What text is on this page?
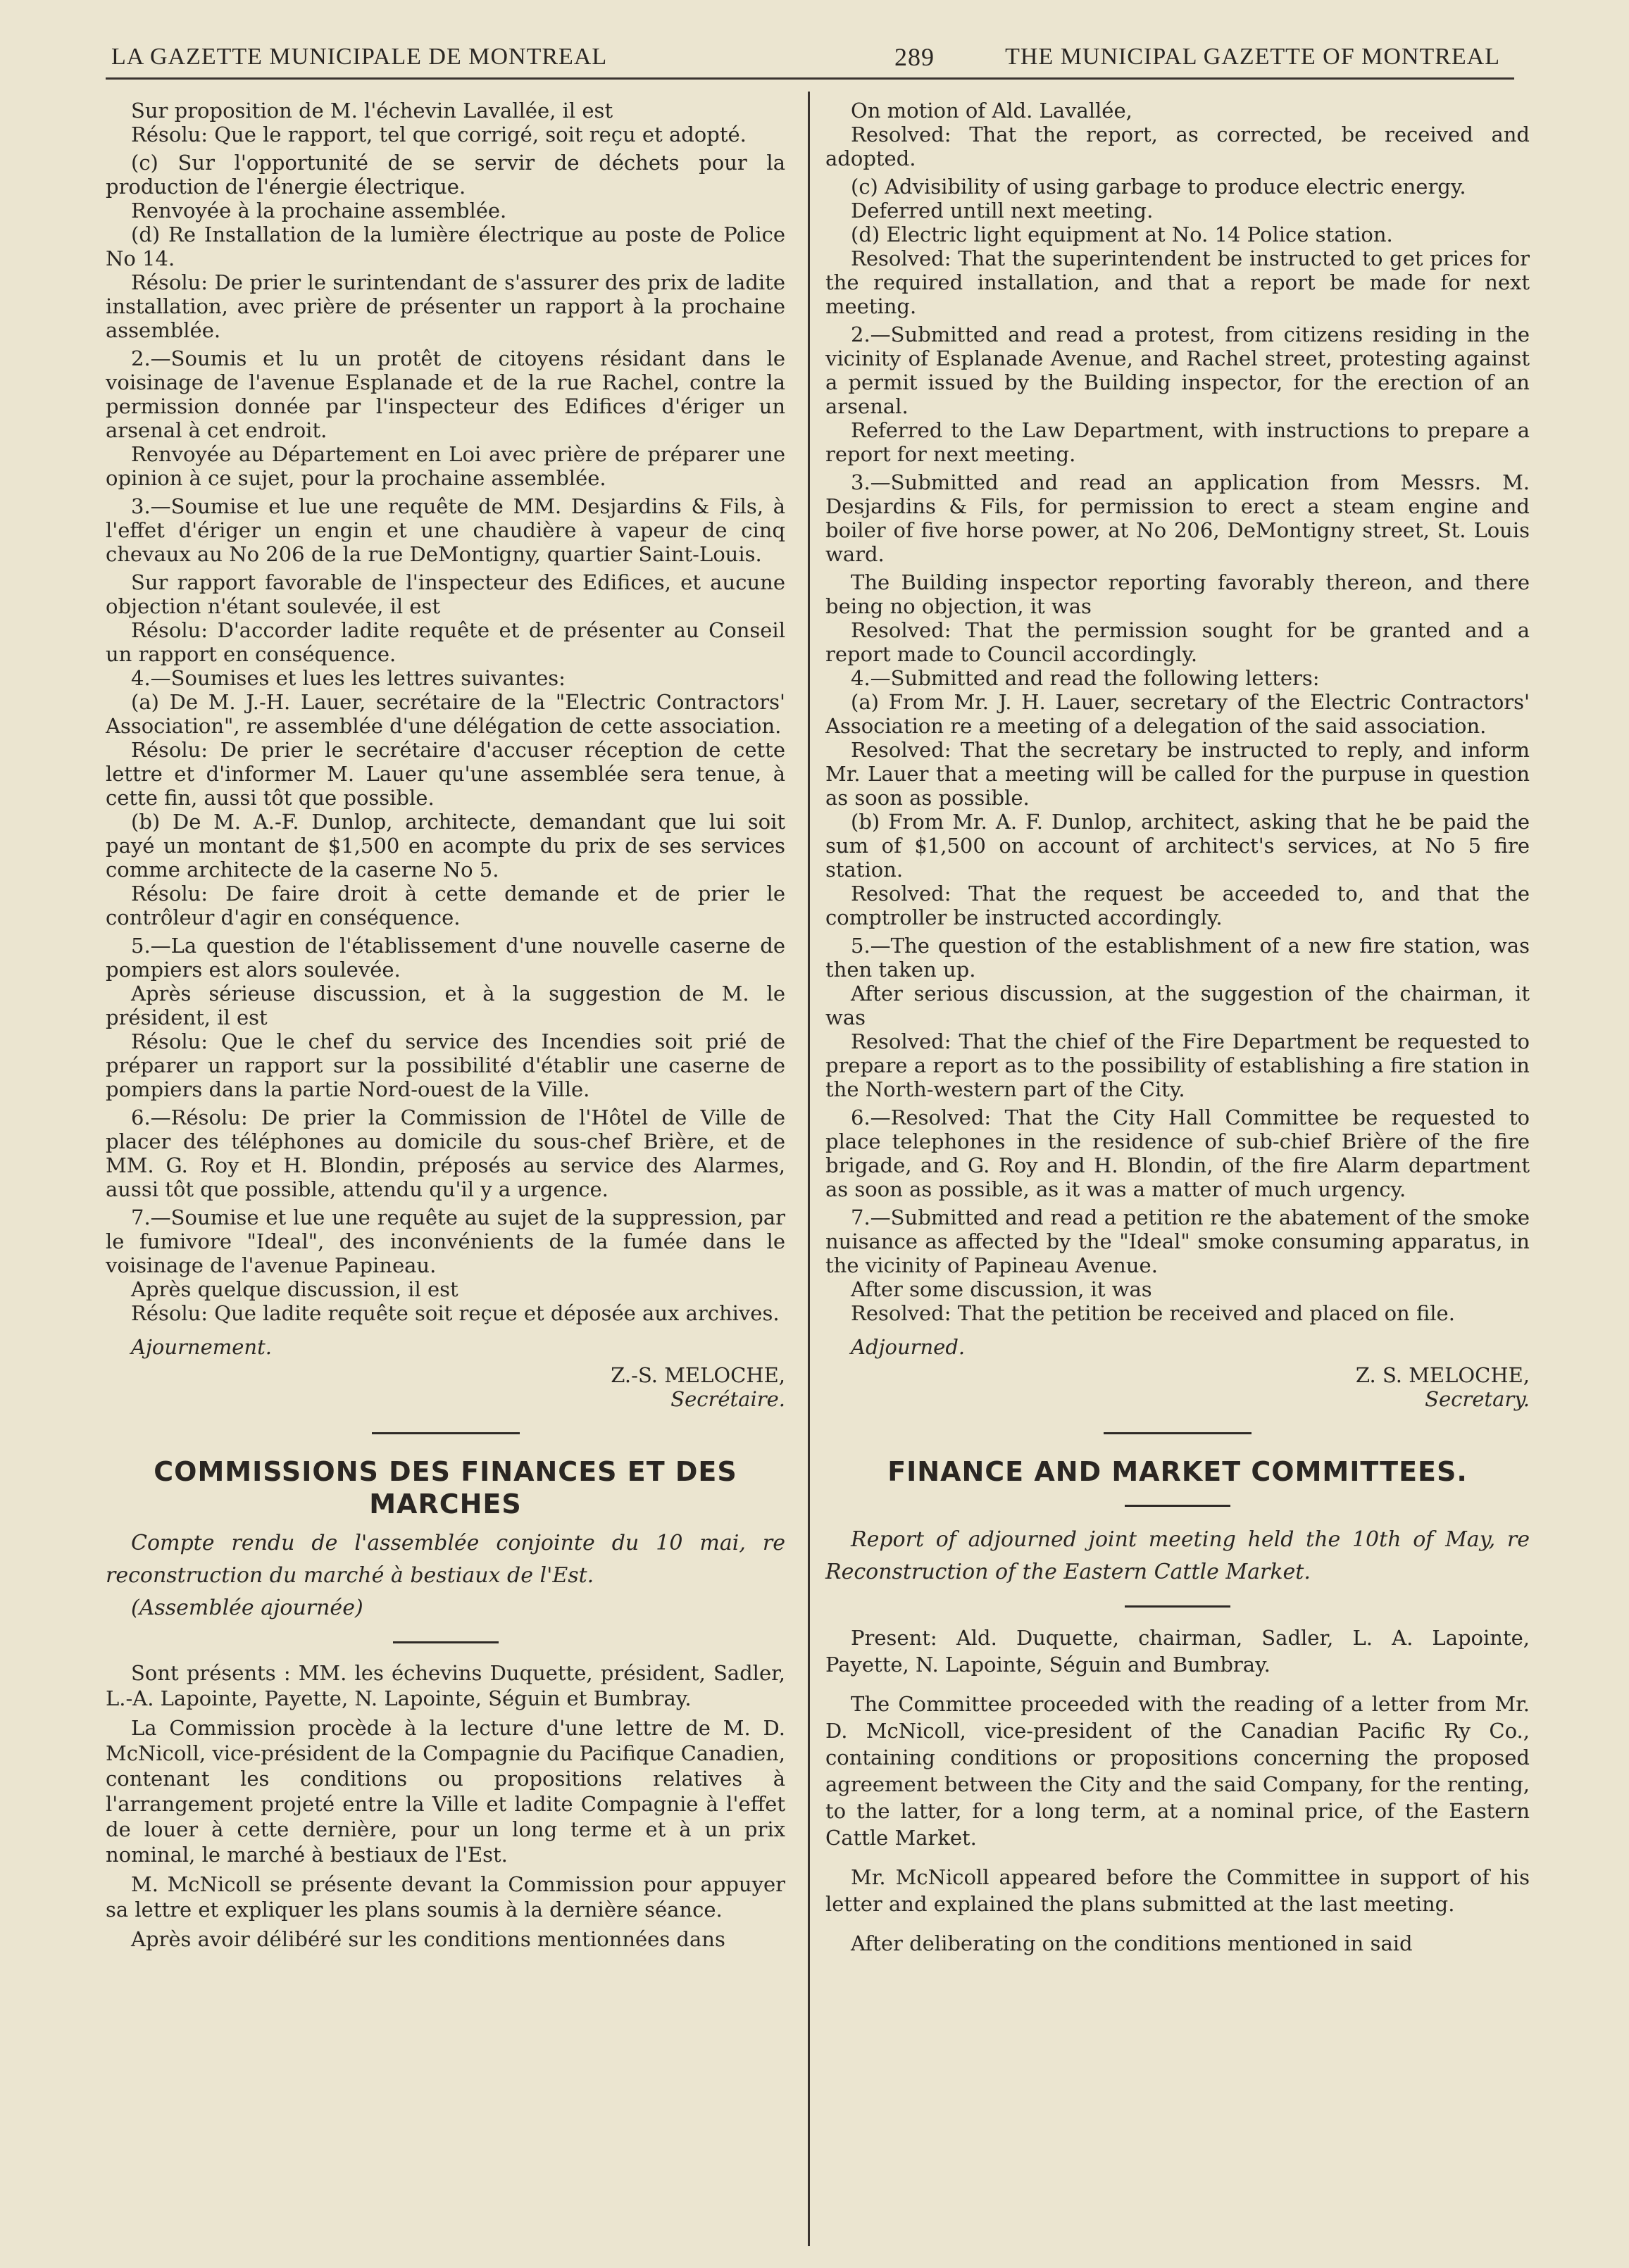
LA GAZETTE MUNICIPALE DE MONTREAL	289	THE MUNICIPAL GAZETTE OF MONTREAL

Sur proposition de M. l'échevin Lavallée, il est

Résolu: Que le rapport, tel que corrigé, soit reçu et adopté.

(c) Sur l'opportunité de se servir de déchets pour la production de l'énergie électrique.

Renvoyée à la prochaine assemblée.

(d) Re Installation de la lumière électrique au poste de Police No 14.

Résolu: De prier le surintendant de s'assurer des prix de ladite installation, avec prière de présenter un rapport à la prochaine assemblée.

2.—Soumis et lu un protêt de citoyens résidant dans le voisinage de l'avenue Esplanade et de la rue Rachel, contre la permission donnée par l'inspecteur des Edifices d'ériger un arsenal à cet endroit.

Renvoyée au Département en Loi avec prière de préparer une opinion à ce sujet, pour la prochaine assemblée.

3.—Soumise et lue une requête de MM. Desjardins & Fils, à l'effet d'ériger un engin et une chaudière à vapeur de cinq chevaux au No 206 de la rue DeMontigny, quartier Saint-Louis.

Sur rapport favorable de l'inspecteur des Edifices, et aucune objection n'étant soulevée, il est

Résolu: D'accorder ladite requête et de présenter au Conseil un rapport en conséquence.

4.—Soumises et lues les lettres suivantes:

(a) De M. J.-H. Lauer, secrétaire de la "Electric Contractors' Association", re assemblée d'une délégation de cette association.

Résolu: De prier le secrétaire d'accuser réception de cette lettre et d'informer M. Lauer qu'une assemblée sera tenue, à cette fin, aussi tôt que possible.

(b) De M. A.-F. Dunlop, architecte, demandant que lui soit payé un montant de $1,500 en acompte du prix de ses services comme architecte de la caserne No 5.

Résolu: De faire droit à cette demande et de prier le contrôleur d'agir en conséquence.

5.—La question de l'établissement d'une nouvelle caserne de pompiers est alors soulevée.

Après sérieuse discussion, et à la suggestion de M. le président, il est

Résolu: Que le chef du service des Incendies soit prié de préparer un rapport sur la possibilité d'établir une caserne de pompiers dans la partie Nord-ouest de la Ville.

6.—Résolu: De prier la Commission de l'Hôtel de Ville de placer des téléphones au domicile du sous-chef Brière, et de MM. G. Roy et H. Blondin, préposés au service des Alarmes, aussi tôt que possible, attendu qu'il y a urgence.

7.—Soumise et lue une requête au sujet de la suppression, par le fumivore "Ideal", des inconvénients de la fumée dans le voisinage de l'avenue Papineau.

Après quelque discussion, il est

Résolu: Que ladite requête soit reçue et déposée aux archives.

Ajournement.

Z.-S. MELOCHE,

Secrétaire.

COMMISSIONS DES FINANCES ET DES MARCHES

Compte rendu de l'assemblée conjointe du 10 mai, re reconstruction du marché à bestiaux de l'Est.

(Assemblée ajournée)

Sont présents : MM. les échevins Duquette, président, Sadler, L.-A. Lapointe, Payette, N. Lapointe, Séguin et Bumbray.

La Commission procède à la lecture d'une lettre de M. D. McNicoll, vice-président de la Compagnie du Pacifique Canadien, contenant les conditions ou propositions relatives à l'arrangement projeté entre la Ville et ladite Compagnie à l'effet de louer à cette dernière, pour un long terme et à un prix nominal, le marché à bestiaux de l'Est.

M. McNicoll se présente devant la Commission pour appuyer sa lettre et expliquer les plans soumis à la dernière séance.

Après avoir délibéré sur les conditions mentionnées dans

On motion of Ald. Lavallée,

Resolved: That the report, as corrected, be received and adopted.

(c) Advisibility of using garbage to produce electric energy.

Deferred untill next meeting.

(d) Electric light equipment at No. 14 Police station.

Resolved: That the superintendent be instructed to get prices for the required installation, and that a report be made for next meeting.

2.—Submitted and read a protest, from citizens residing in the vicinity of Esplanade Avenue, and Rachel street, protesting against a permit issued by the Building inspector, for the erection of an arsenal.

Referred to the Law Department, with instructions to prepare a report for next meeting.

3.—Submitted and read an application from Messrs. M. Desjardins & Fils, for permission to erect a steam engine and boiler of five horse power, at No 206, DeMontigny street, St. Louis ward.

The Building inspector reporting favorably thereon, and there being no objection, it was

Resolved: That the permission sought for be granted and a report made to Council accordingly.

4.—Submitted and read the following letters:

(a) From Mr. J. H. Lauer, secretary of the Electric Contractors' Association re a meeting of a delegation of the said association.

Resolved: That the secretary be instructed to reply, and inform Mr. Lauer that a meeting will be called for the purpuse in question as soon as possible.

(b) From Mr. A. F. Dunlop, architect, asking that he be paid the sum of $1,500 on account of architect's services, at No 5 fire station.

Resolved: That the request be acceeded to, and that the comptroller be instructed accordingly.

5.—The question of the establishment of a new fire station, was then taken up.

After serious discussion, at the suggestion of the chairman, it was

Resolved: That the chief of the Fire Department be requested to prepare a report as to the possibility of establishing a fire station in the North-western part of the City.

6.—Resolved: That the City Hall Committee be requested to place telephones in the residence of sub-chief Brière of the fire brigade, and G. Roy and H. Blondin, of the fire Alarm department as soon as possible, as it was a matter of much urgency.

7.—Submitted and read a petition re the abatement of the smoke nuisance as affected by the "Ideal" smoke consuming apparatus, in the vicinity of Papineau Avenue.

After some discussion, it was

Resolved: That the petition be received and placed on file.

Adjourned.

Z. S. MELOCHE,

Secretary.

FINANCE AND MARKET COMMITTEES.

Report of adjourned joint meeting held the 10th of May, re Reconstruction of the Eastern Cattle Market.

Present: Ald. Duquette, chairman, Sadler, L. A. Lapointe, Payette, N. Lapointe, Séguin and Bumbray.

The Committee proceeded with the reading of a letter from Mr. D. McNicoll, vice-president of the Canadian Pacific Ry Co., containing conditions or propositions concerning the proposed agreement between the City and the said Company, for the renting, to the latter, for a long term, at a nominal price, of the Eastern Cattle Market.

Mr. McNicoll appeared before the Committee in support of his letter and explained the plans submitted at the last meeting.

After deliberating on the conditions mentioned in said
